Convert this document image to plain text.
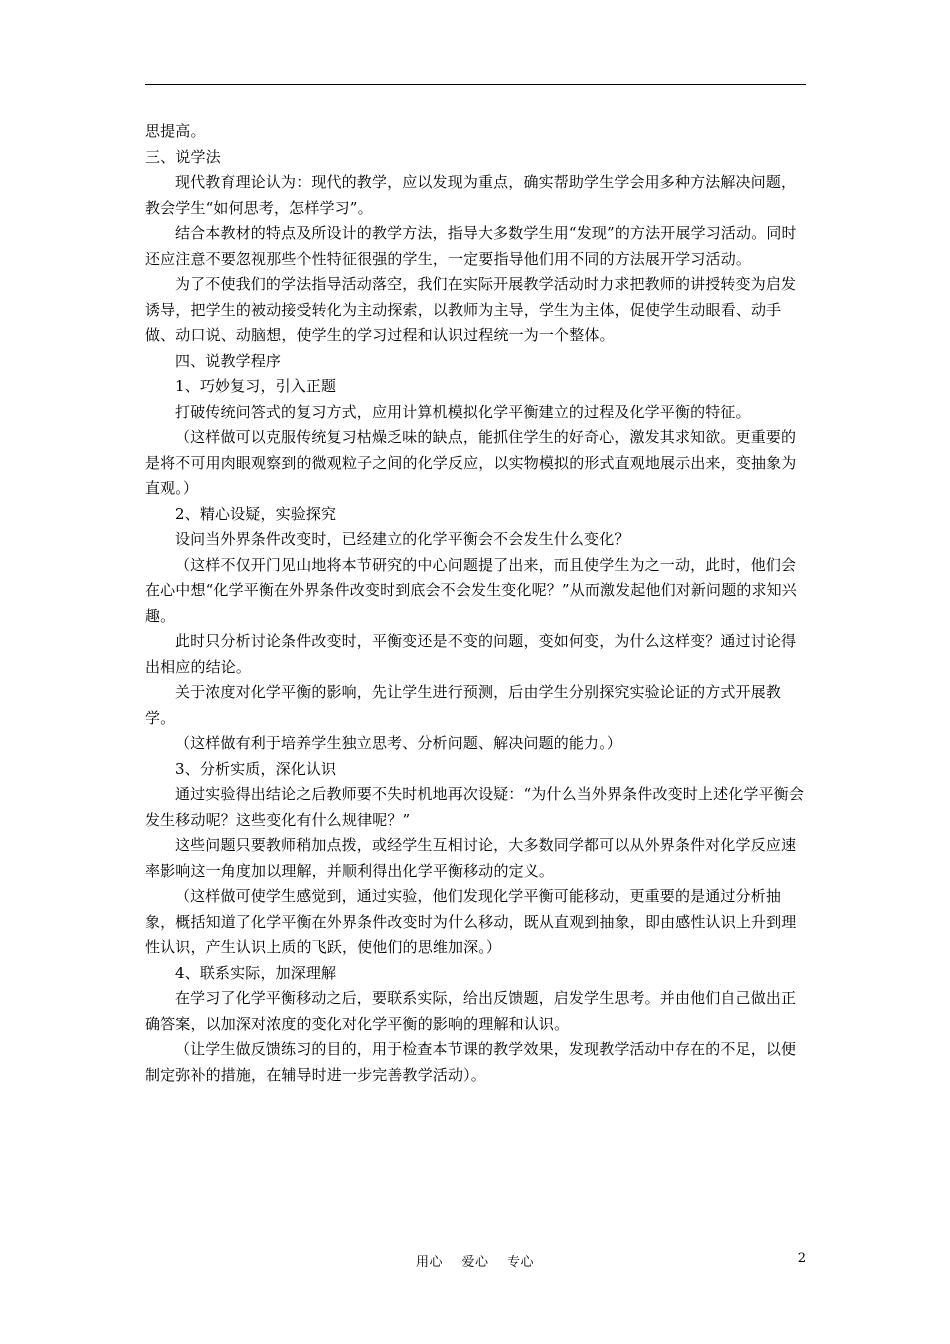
思提高。

三、说学法

现代教育理论认为：现代的教学，应以发现为重点，确实帮助学生学会用多种方法解决问题，教会学生“如何思考，怎样学习”。

结合本教材的特点及所设计的教学方法，指导大多数学生用“发现”的方法开展学习活动。同时还应注意不要忽视那些个性特征很强的学生，一定要指导他们用不同的方法展开学习活动。

为了不使我们的学法指导活动落空，我们在实际开展教学活动时力求把教师的讲授转变为启发诱导，把学生的被动接受转化为主动探索，以教师为主导，学生为主体，促使学生动眼看、动手做、动口说、动脑想，使学生的学习过程和认识过程统一为一个整体。

四、说教学程序

1、巧妙复习，引入正题

打破传统问答式的复习方式，应用计算机模拟化学平衡建立的过程及化学平衡的特征。

（这样做可以克服传统复习枯燥乏味的缺点，能抓住学生的好奇心，激发其求知欲。更重要的是将不可用肉眼观察到的微观粒子之间的化学反应，以实物模拟的形式直观地展示出来，变抽象为直观。）

2、精心设疑，实验探究

设问当外界条件改变时，已经建立的化学平衡会不会发生什么变化？

（这样不仅开门见山地将本节研究的中心问题提了出来，而且使学生为之一动，此时，他们会在心中想“化学平衡在外界条件改变时到底会不会发生变化呢？”从而激发起他们对新问题的求知兴趣。

此时只分析讨论条件改变时，平衡变还是不变的问题，变如何变，为什么这样变？通过讨论得出相应的结论。

关于浓度对化学平衡的影响，先让学生进行预测，后由学生分别探究实验论证的方式开展教学。

（这样做有利于培养学生独立思考、分析问题、解决问题的能力。）

3、分析实质，深化认识

通过实验得出结论之后教师要不失时机地再次设疑：“为什么当外界条件改变时上述化学平衡会发生移动呢？这些变化有什么规律呢？”

这些问题只要教师稍加点拨，或经学生互相讨论，大多数同学都可以从外界条件对化学反应速率影响这一角度加以理解，并顺利得出化学平衡移动的定义。

（这样做可使学生感觉到，通过实验，他们发现化学平衡可能移动，更重要的是通过分析抽象，概括知道了化学平衡在外界条件改变时为什么移动，既从直观到抽象，即由感性认识上升到理性认识，产生认识上质的飞跃，使他们的思维加深。）

4、联系实际，加深理解

在学习了化学平衡移动之后，要联系实际，给出反馈题，启发学生思考。并由他们自己做出正确答案，以加深对浓度的变化对化学平衡的影响的理解和认识。

（让学生做反馈练习的目的，用于检查本节课的教学效果，发现教学活动中存在的不足，以便制定弥补的措施，在辅导时进一步完善教学活动）。

用心    爱心    专心	2
